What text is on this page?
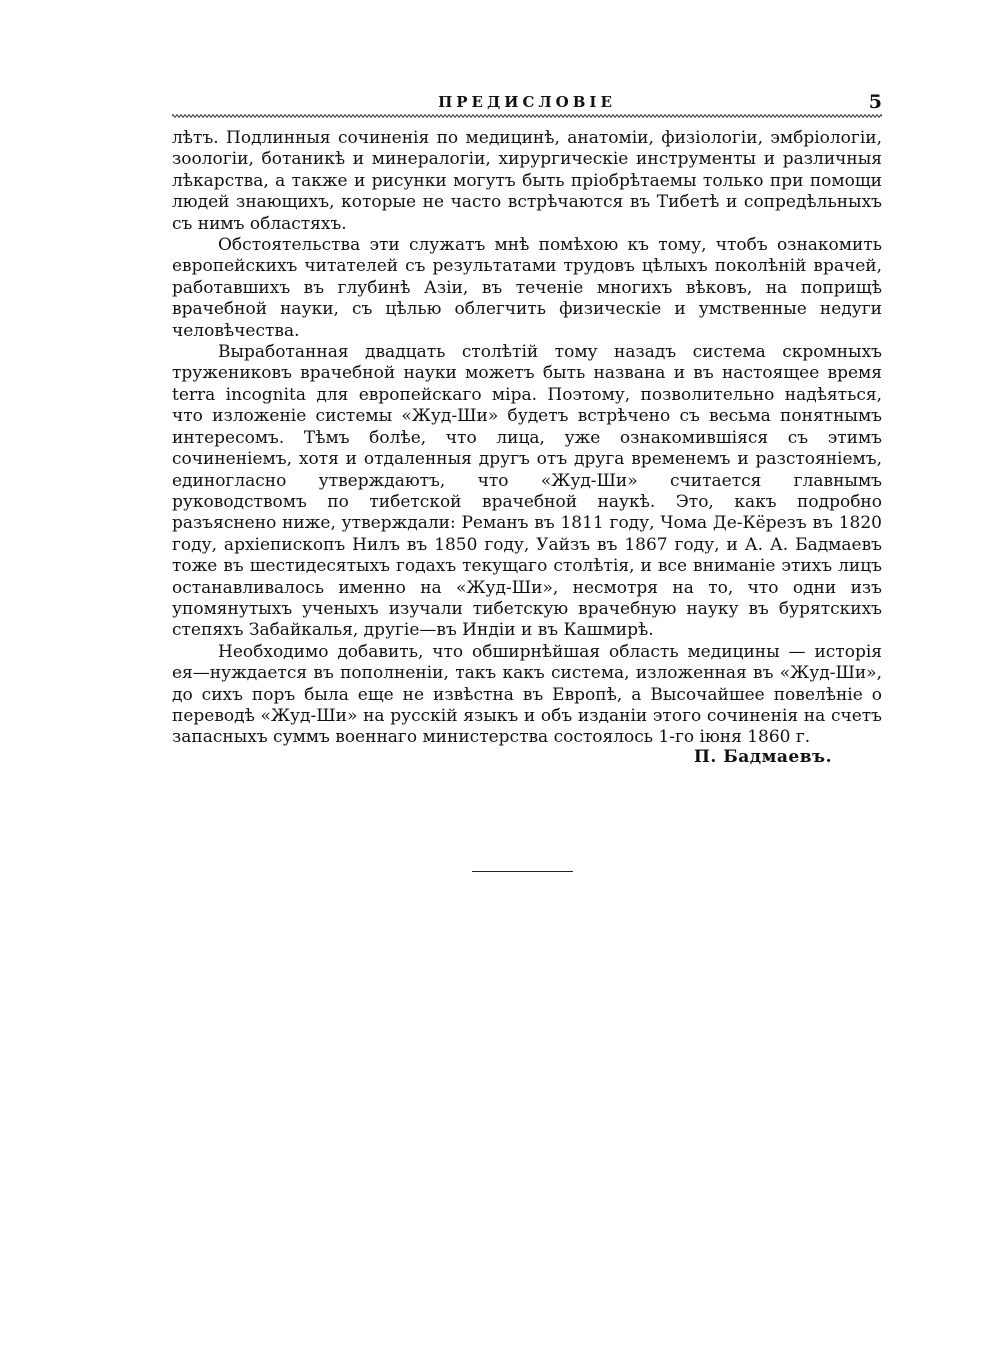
ПРЕДИСЛОВІЕ	5

лѣтъ. Подлинныя сочиненія по медицинѣ, анатоміи, физіологіи, эмбріологіи, зоологіи, ботаникѣ и минералогіи, хирургическіе инструменты и различныя лѣкарства, а также и рисунки могутъ быть пріобрѣтаемы только при помощи людей знающихъ, которые не часто встрѣчаются въ Тибетѣ и сопредѣльныхъ съ нимъ областяхъ.

Обстоятельства эти служатъ мнѣ помѣхою къ тому, чтобъ ознакомить европейскихъ читателей съ результатами трудовъ цѣлыхъ поколѣній врачей, работавшихъ въ глубинѣ Азіи, въ теченіе многихъ вѣковъ, на поприщѣ врачебной науки, съ цѣлью облегчить физическіе и умственные недуги человѣчества.

Выработанная двадцать столѣтій тому назадъ система скромныхъ тружениковъ врачебной науки можетъ быть названа и въ настоящее время terra incognita для европейскаго міра. Поэтому, позволительно надѣяться, что изложеніе системы «Жуд-Ши» будетъ встрѣчено съ весьма понятнымъ интересомъ. Тѣмъ болѣе, что лица, уже ознакомившіяся съ этимъ сочиненіемъ, хотя и отдаленныя другъ отъ друга временемъ и разстояніемъ, единогласно утверждаютъ, что «Жуд-Ши» считается главнымъ руководствомъ по тибетской врачебной наукѣ. Это, какъ подробно разъяснено ниже, утверждали: Реманъ въ 1811 году, Чома Де-Кёрезъ въ 1820 году, архіепископъ Нилъ въ 1850 году, Уайзъ въ 1867 году, и А. А. Бадмаевъ тоже въ шестидесятыхъ годахъ текущаго столѣтія, и все вниманіе этихъ лицъ останавливалось именно на «Жуд-Ши», несмотря на то, что одни изъ упомянутыхъ ученыхъ изучали тибетскую врачебную науку въ бурятскихъ степяхъ Забайкалья, другіе—въ Индіи и въ Кашмирѣ.

Необходимо добавить, что обширнѣйшая область медицины — исторія ея—нуждается въ пополненіи, такъ какъ система, изложенная въ «Жуд-Ши», до сихъ поръ была еще не извѣстна въ Европѣ, а Высочайшее повелѣніе о переводѣ «Жуд-Ши» на русскій языкъ и объ изданіи этого сочиненія на счетъ запасныхъ суммъ военнаго министерства состоялось 1-го іюня 1860 г.

П. Бадмаевъ.
